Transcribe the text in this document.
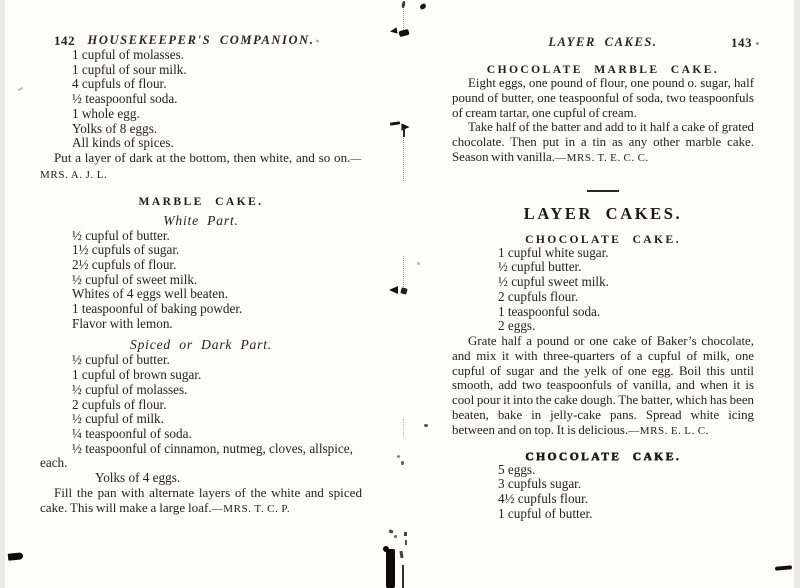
142	HOUSEKEEPER'S COMPANION.
1 cupful of molasses.
1 cupful of sour milk.
4 cupfuls of flour.
½ teaspoonful soda.
1 whole egg.
Yolks of 8 eggs.
All kinds of spices.

Put a layer of dark at the bottom, then white, and so on.—MRS. A. J. L.

MARBLE CAKE.
White Part.
½ cupful of butter.
1½ cupfuls of sugar.
2½ cupfuls of flour.
½ cupful of sweet milk.
Whites of 4 eggs well beaten.
1 teaspoonful of baking powder.
Flavor with lemon.
Spiced or Dark Part.
½ cupful of butter.
1 cupful of brown sugar.
½ cupful of molasses.
2 cupfuls of flour.
½ cupful of milk.
¼ teaspoonful of soda.
½ teaspoonful of cinnamon, nutmeg, cloves, allspice, each.
Yolks of 4 eggs.

Fill the pan with alternate layers of the white and spiced cake. This will make a large loaf.—MRS. T. C. P.

LAYER CAKES.	143
CHOCOLATE MARBLE CAKE.

Eight eggs, one pound of flour, one pound o. sugar, half pound of butter, one teaspoonful of soda, two teaspoonfuls of cream tartar, one cupful of cream.

Take half of the batter and add to it half a cake of grated chocolate. Then put in a tin as any other marble cake. Season with vanilla.—MRS. T. E. C. C.

LAYER CAKES.
CHOCOLATE CAKE.
1 cupful white sugar.
½ cupful butter.
½ cupful sweet milk.
2 cupfuls flour.
1 teaspoonful soda.
2 eggs.

Grate half a pound or one cake of Baker’s chocolate, and mix it with three-quarters of a cupful of milk, one cupful of sugar and the yelk of one egg. Boil this until smooth, add two teaspoonfuls of vanilla, and when it is cool pour it into the cake dough. The batter, which has been beaten, bake in jelly-cake pans. Spread white icing between and on top. It is delicious.—MRS. E. L. C.

CHOCOLATE CAKE.
5 eggs.
3 cupfuls sugar.
4½ cupfuls flour.
1 cupful of butter.
